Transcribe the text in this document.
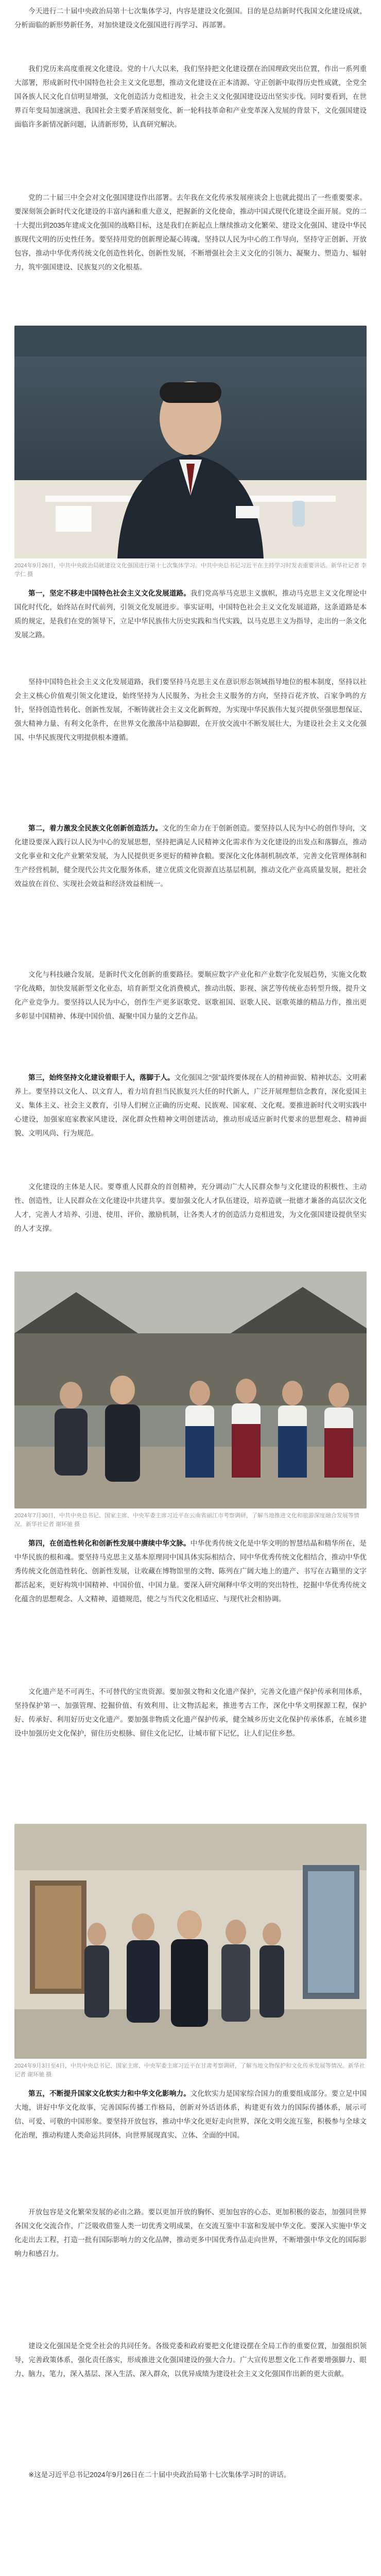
今天进行二十届中央政治局第十七次集体学习，内容是建设文化强国。目的是总结新时代我国文化建设成就，分析面临的新形势新任务，对加快建设文化强国进行再学习、再部署。

我们党历来高度重视文化建设。党的十八大以来，我们坚持把文化建设摆在治国理政突出位置，作出一系列重大部署，形成新时代中国特色社会主义文化思想，推动文化建设在正本清源、守正创新中取得历史性成就，全党全国各族人民文化自信明显增强，文化创造活力竞相进发，社会主义文化强国建设迈出坚实步伐。同时要看到，在世界百年变局加速演进、我国社会主要矛盾深刻变化、新一轮科技革命和产业变革深入发展的背景下，文化强国建设面临许多新情况新问题，认清新形势，认真研究解决。

党的二十届三中全会对文化强国建设作出部署。去年我在文化传承发展座谈会上也就此提出了一些重要要求。要深刻领会新时代文化建设的丰富内涵和重大意义，把握新的文化使命，推动中国式现代化建设全面开展。党的二十大提出到2035年建成文化强国的战略目标，这是我们在新起点上继续推动文化繁荣、建设文化强国、建设中华民族现代文明的历史性任务。要坚持用党的创新理论凝心铸魂，坚持以人民为中心的工作导向，坚持守正创新、开放包容，推动中华优秀传统文化创造性转化、创新性发展，不断增强社会主义文化的引领力、凝聚力、塑造力、辐射力，筑牢强国建设、民族复兴的文化根基。

2024年9月26日，中共中央政治局就建设文化强国进行第十七次集体学习。中共中央总书记习近平在主持学习时发表重要讲话。新华社记者 李学仁 摄

第一，坚定不移走中国特色社会主义文化发展道路。我们党高举马克思主义旗帜，推动马克思主义文化理论中国化时代化，始终站在时代前列，引领文化发展进步。事实证明，中国特色社会主义文化发展道路，这条道路是本质的规定，是我们在党的领导下，立足中华民族伟大历史实践和当代实践，以马克思主义为指导，走出的一条文化发展之路。

坚持中国特色社会主义文化发展道路，我们要坚持马克思主义在意识形态领域指导地位的根本制度，坚持以社会主义核心价值观引领文化建设，始终坚持为人民服务、为社会主义服务的方向，坚持百花齐放、百家争鸣的方针，坚持创造性转化、创新性发展，不断铸就社会主义文化新辉煌，为实现中华民族伟大复兴提供坚强思想保证、强大精神力量、有利文化条件，在世界文化激荡中站稳脚跟，在开放交流中不断发展壮大，为建设社会主义文化强国、中华民族现代文明提供根本遵循。

第二，着力激发全民族文化创新创造活力。文化的生命力在于创新创造。要坚持以人民为中心的创作导向，文化建设要深入践行以人民为中心的发展思想，坚持把满足人民精神文化需求作为文化建设的出发点和落脚点，推动文化事业和文化产业繁荣发展，为人民提供更多更好的精神食粮。要深化文化体制机制改革，完善文化管理体制和生产经营机制，健全现代公共文化服务体系，建立优质文化资源直达基层机制，推动文化产业高质量发展，把社会效益放在首位、实现社会效益和经济效益相统一。

文化与科技融合发展，是新时代文化创新的重要路径。要顺应数字产业化和产业数字化发展趋势，实施文化数字化战略，加快发展新型文化业态，培育新型文化消费模式，推动出版、影视、演艺等传统业态转型升级，提升文化产业竞争力。要坚持以人民为中心，创作生产更多讴歌党、讴歌祖国、讴歌人民、讴歌英雄的精品力作，推出更多彰显中国精神、体现中国价值、凝聚中国力量的文艺作品。

第三，始终坚持文化建设着眼于人，落脚于人。文化强国之“强”最终要体现在人的精神面貌、精神状态、文明素养上。要坚持以文化人、以文育人，着力培育担当民族复兴大任的时代新人，广泛开展理想信念教育，深化爱国主义、集体主义、社会主义教育，引导人们树立正确的历史观、民族观、国家观、文化观。要推进新时代文明实践中心建设，加强家庭家教家风建设，深化群众性精神文明创建活动，推动形成适应新时代要求的思想观念、精神面貌、文明风尚、行为规范。

文化建设的主体是人民。要尊重人民群众的首创精神，充分调动广大人民群众参与文化建设的积极性、主动性、创造性，让人民群众在文化建设中共建共享。要加强文化人才队伍建设，培养造就一批德才兼备的高层次文化人才，完善人才培养、引进、使用、评价、激励机制，让各类人才的创造活力竞相进发，为文化强国建设提供坚实的人才支撑。

2024年7月30日，中共中央总书记、国家主席、中央军委主席习近平在云南省丽江市考察调研，了解当地推进文化和旅游深度融合发展等情况。新华社记者 谢环驰 摄

第四，在创造性转化和创新性发展中赓续中华文脉。中华优秀传统文化是中华文明的智慧结晶和精华所在，是中华民族的根和魂。要坚持马克思主义基本原理同中国具体实际相结合、同中华优秀传统文化相结合，推动中华优秀传统文化创造性转化、创新性发展，让收藏在博物馆里的文物、陈列在广阔大地上的遗产、书写在古籍里的文字都活起来，更好构筑中国精神、中国价值、中国力量。要深入研究阐释中华文明的突出特性，挖掘中华优秀传统文化蕴含的思想观念、人文精神、道德规范，使之与当代文化相适应、与现代社会相协调。

文化遗产是不可再生、不可替代的宝贵资源。要加强文物和文化遗产保护，完善文化遗产保护传承利用体系，坚持保护第一、加强管理、挖掘价值、有效利用、让文物活起来，推进考古工作，深化中华文明探源工程，保护好、传承好、利用好历史文化遗产。要加强非物质文化遗产保护传承，健全城乡历史文化保护传承体系，在城乡建设中加强历史文化保护，留住历史根脉、留住文化记忆，让城市留下记忆，让人们记住乡愁。

2024年9月3日至4日，中共中央总书记、国家主席、中央军委主席习近平在甘肃考察调研，了解当地文物保护和文化传承发展等情况。新华社记者 谢环驰 摄

第五，不断提升国家文化软实力和中华文化影响力。文化软实力是国家综合国力的重要组成部分。要立足中国大地，讲好中华文化故事，完善国际传播工作格局，创新对外话语体系，构建更有效力的国际传播体系，展示可信、可爱、可敬的中国形象。要坚持开放包容，推动中华文化更好走向世界，深化文明交流互鉴，积极参与全球文化治理，推动构建人类命运共同体，向世界展现真实、立体、全面的中国。

开放包容是文化繁荣发展的必由之路。要以更加开放的胸怀、更加包容的心态、更加积极的姿态，加强同世界各国文化交流合作，广泛吸收借鉴人类一切优秀文明成果，在交流互鉴中丰富和发展中华文化。要深入实施中华文化走出去工程，打造一批有国际影响力的文化品牌，推动更多中国优秀作品走向世界，不断增强中华文化的国际影响力和感召力。

建设文化强国是全党全社会的共同任务。各级党委和政府要把文化建设摆在全局工作的重要位置，加强组织领导，完善政策体系，强化责任落实，形成推进文化强国建设的强大合力。广大宣传思想文化工作者要增强脚力、眼力、脑力、笔力，深入基层、深入生活、深入群众，以优异成绩为建设社会主义文化强国作出新的更大贡献。

※这是习近平总书记2024年9月26日在二十届中央政治局第十七次集体学习时的讲话。
